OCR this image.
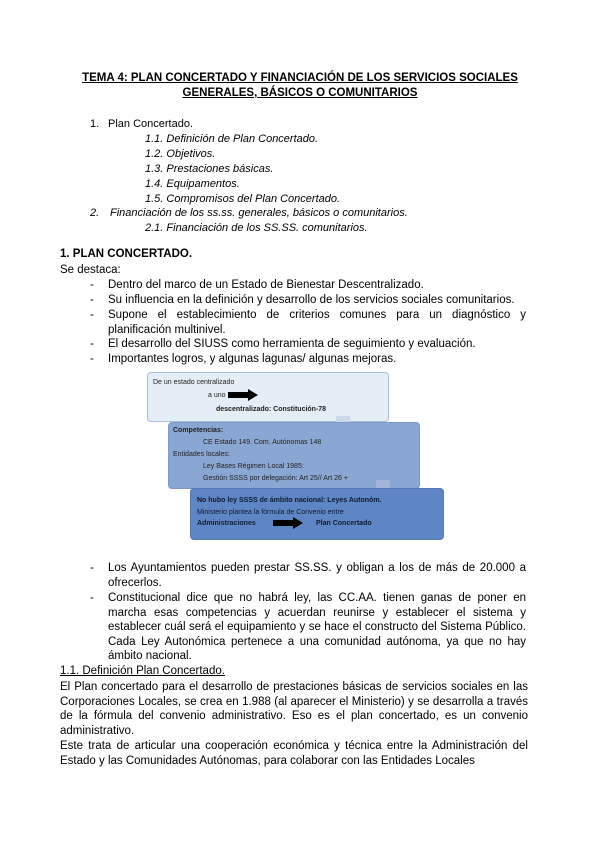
TEMA 4: PLAN CONCERTADO Y FINANCIACIÓN DE LOS SERVICIOS SOCIALES
GENERALES, BÁSICOS O COMUNITARIOS
1. Plan Concertado.
1.1. Definición de Plan Concertado.
1.2. Objetivos.
1.3. Prestaciones básicas.
1.4. Equipamentos.
1.5. Compromisos del Plan Concertado.
2. Financiación de los ss.ss. generales, básicos o comunitarios.
2.1. Financiación de los SS.SS. comunitarios.
1. PLAN CONCERTADO.
Se destaca:
- Dentro del marco de un Estado de Bienestar Descentralizado.
- Su influencia en la definición y desarrollo de los servicios sociales comunitarios.
- Supone el establecimiento de criterios comunes para un diagnóstico y planificación multinivel.
- El desarrollo del SIUSS como herramienta de seguimiento y evaluación.
- Importantes logros, y algunas lagunas/ algunas mejoras.
De un estado centralizado
a uno
descentralizado: Constitución-78
Competencias:
CE Estado 149. Com. Autónomas 148
Entidades locales:
Ley Bases Régimen Local 1985:
Gestión SSSS por delegación: Art 25// Art 26 +
No hubo ley SSSS de ámbito nacional: Leyes Autonóm.
Ministerio plantea la fórmula de Convenio entre
Administraciones	Plan Concertado
- Los Ayuntamientos pueden prestar SS.SS. y obligan a los de más de 20.000 a ofrecerlos.
- Constitucional dice que no habrá ley, las CC.AA. tienen ganas de poner en marcha esas competencias y acuerdan reunirse y establecer el sistema y establecer cuál será el equipamiento y se hace el constructo del Sistema Público. Cada Ley Autonómica pertenece a una comunidad autónoma, ya que no hay ámbito nacional.
1.1. Definición Plan Concertado.
El Plan concertado para el desarrollo de prestaciones básicas de servicios sociales en las Corporaciones Locales, se crea en 1.988 (al aparecer el Ministerio) y se desarrolla a través de la fórmula del convenio administrativo. Eso es el plan concertado, es un convenio administrativo.
Este trata de articular una cooperación económica y técnica entre la Administración del Estado y las Comunidades Autónomas, para colaborar con las Entidades Locales
